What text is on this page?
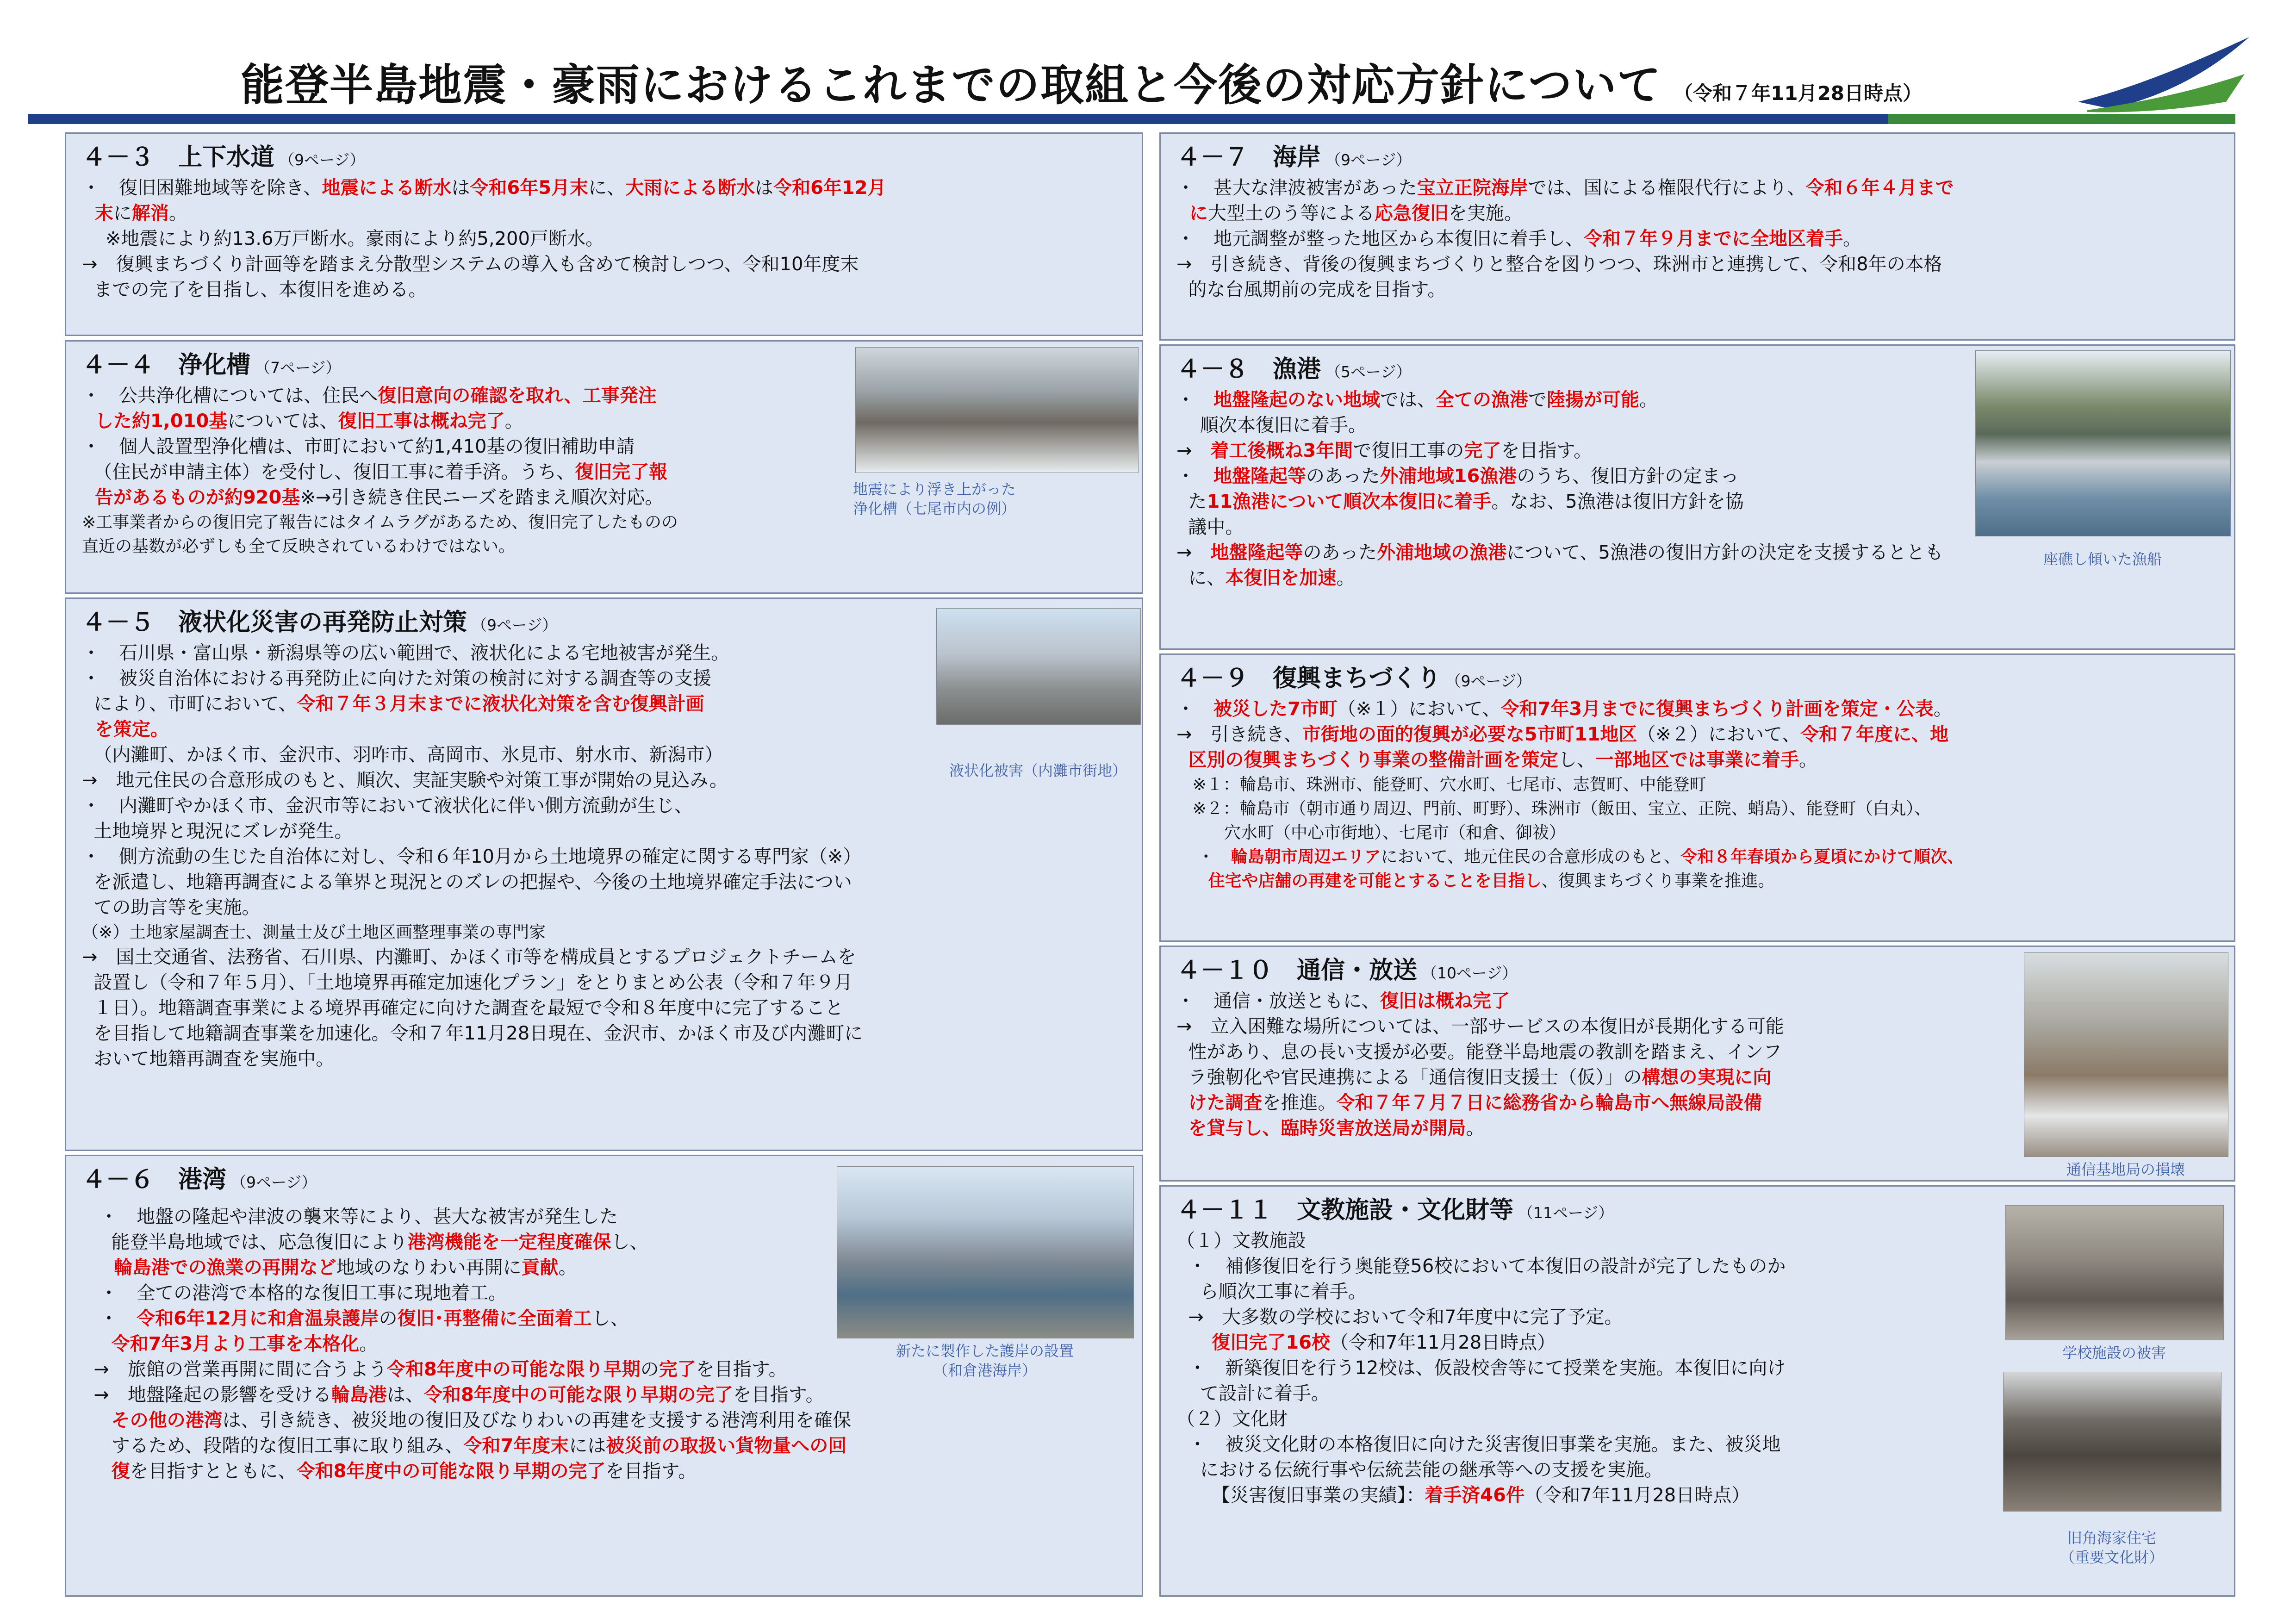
能登半島地震・豪雨におけるこれまでの取組と今後の対応方針について （令和７年11月28日時点）
４－３　上下水道 （9ページ）
・　復旧困難地域等を除き、地震による断水は令和6年5月末に、大雨による断水は令和6年12月
末に解消。
※地震により約13.6万戸断水。豪雨により約5,200戸断水。
→　復興まちづくり計画等を踏まえ分散型システムの導入も含めて検討しつつ、令和10年度末
までの完了を目指し、本復旧を進める。
４－４　浄化槽 （7ページ）
・　公共浄化槽については、住民へ復旧意向の確認を取れ、工事発注
した約1,010基については、復旧工事は概ね完了。
・　個人設置型浄化槽は、市町において約1,410基の復旧補助申請
（住民が申請主体）を受付し、復旧工事に着手済。うち、復旧完了報
告があるものが約920基※→引き続き住民ニーズを踏まえ順次対応。
※工事業者からの復旧完了報告にはタイムラグがあるため、復旧完了したものの
直近の基数が必ずしも全て反映されているわけではない。
地震により浮き上がった
浄化槽（七尾市内の例）
４－５　液状化災害の再発防止対策 （9ページ）
・　石川県・富山県・新潟県等の広い範囲で、液状化による宅地被害が発生。
・　被災自治体における再発防止に向けた対策の検討に対する調査等の支援
により、市町において、令和７年３月末までに液状化対策を含む復興計画
を策定。
（内灘町、かほく市、金沢市、羽咋市、高岡市、氷見市、射水市、新潟市）
→　地元住民の合意形成のもと、順次、実証実験や対策工事が開始の見込み。
・　内灘町やかほく市、金沢市等において液状化に伴い側方流動が生じ、
土地境界と現況にズレが発生。
・　側方流動の生じた自治体に対し、令和６年10月から土地境界の確定に関する専門家（※）
を派遣し、地籍再調査による筆界と現況とのズレの把握や、今後の土地境界確定手法につい
ての助言等を実施。
（※）土地家屋調査士、測量士及び土地区画整理事業の専門家
→　国土交通省、法務省、石川県、内灘町、かほく市等を構成員とするプロジェクトチームを
設置し（令和７年５月）、「土地境界再確定加速化プラン」をとりまとめ公表（令和７年９月
１日）。地籍調査事業による境界再確定に向けた調査を最短で令和８年度中に完了すること
を目指して地籍調査事業を加速化。令和７年11月28日現在、金沢市、かほく市及び内灘町に
おいて地籍再調査を実施中。
液状化被害（内灘市街地）
４－６　港湾 （9ページ）
・　地盤の隆起や津波の襲来等により、甚大な被害が発生した
能登半島地域では、応急復旧により港湾機能を一定程度確保し、
輪島港での漁業の再開など地域のなりわい再開に貢献。
・　全ての港湾で本格的な復旧工事に現地着工。
・　令和6年12月に和倉温泉護岸の復旧･再整備に全面着工し、
令和7年3月より工事を本格化。
→　旅館の営業再開に間に合うよう令和8年度中の可能な限り早期の完了を目指す。
→　地盤隆起の影響を受ける輪島港は、令和8年度中の可能な限り早期の完了を目指す。
その他の港湾は、引き続き、被災地の復旧及びなりわいの再建を支援する港湾利用を確保
するため、段階的な復旧工事に取り組み、令和7年度末には被災前の取扱い貨物量への回
復を目指すとともに、令和8年度中の可能な限り早期の完了を目指す。
新たに製作した護岸の設置
（和倉港海岸）
４－７　海岸 （9ページ）
・　甚大な津波被害があった宝立正院海岸では、国による権限代行により、令和６年４月まで
に大型土のう等による応急復旧を実施。
・　地元調整が整った地区から本復旧に着手し、令和７年９月までに全地区着手。
→　引き続き、背後の復興まちづくりと整合を図りつつ、珠洲市と連携して、令和8年の本格
的な台風期前の完成を目指す。
４－８　漁港 （5ページ）
・　地盤隆起のない地域では、全ての漁港で陸揚が可能。
順次本復旧に着手。
→　着工後概ね3年間で復旧工事の完了を目指す。
・　地盤隆起等のあった外浦地域16漁港のうち、復旧方針の定まっ
た11漁港について順次本復旧に着手。なお、5漁港は復旧方針を協
議中。
→　地盤隆起等のあった外浦地域の漁港について、5漁港の復旧方針の決定を支援するととも
に、本復旧を加速。
座礁し傾いた漁船
４－９　復興まちづくり （9ページ）
・　被災した7市町（※１）において、令和7年3月までに復興まちづくり計画を策定・公表。
→　引き続き、市街地の面的復興が必要な5市町11地区（※２）において、令和７年度に、地
区別の復興まちづくり事業の整備計画を策定し、一部地区では事業に着手。
※１：輪島市、珠洲市、能登町、穴水町、七尾市、志賀町、中能登町
※２：輪島市（朝市通り周辺、門前、町野）、珠洲市（飯田、宝立、正院、蛸島）、能登町（白丸）、
穴水町（中心市街地）、七尾市（和倉、御祓）
・　輪島朝市周辺エリアにおいて、地元住民の合意形成のもと、令和８年春頃から夏頃にかけて順次、
住宅や店舗の再建を可能とすることを目指し、復興まちづくり事業を推進。
４－１０　通信・放送 （10ページ）
・　通信・放送ともに、復旧は概ね完了
→　立入困難な場所については、一部サービスの本復旧が長期化する可能
性があり、息の長い支援が必要。能登半島地震の教訓を踏まえ、インフ
ラ強靭化や官民連携による「通信復旧支援士（仮）」の構想の実現に向
けた調査を推進。令和７年７月７日に総務省から輪島市へ無線局設備
を貸与し、臨時災害放送局が開局。
通信基地局の損壊
４－１１　文教施設・文化財等 （11ページ）
（１）文教施設
・　補修復旧を行う奥能登56校において本復旧の設計が完了したものか
ら順次工事に着手。
→　大多数の学校において令和7年度中に完了予定。
復旧完了16校（令和7年11月28日時点）
・　新築復旧を行う12校は、仮設校舎等にて授業を実施。本復旧に向け
て設計に着手。
（２）文化財
・　被災文化財の本格復旧に向けた災害復旧事業を実施。また、被災地
における伝統行事や伝統芸能の継承等への支援を実施。
【災害復旧事業の実績】：着手済46件（令和7年11月28日時点）
学校施設の被害
旧角海家住宅
（重要文化財）
